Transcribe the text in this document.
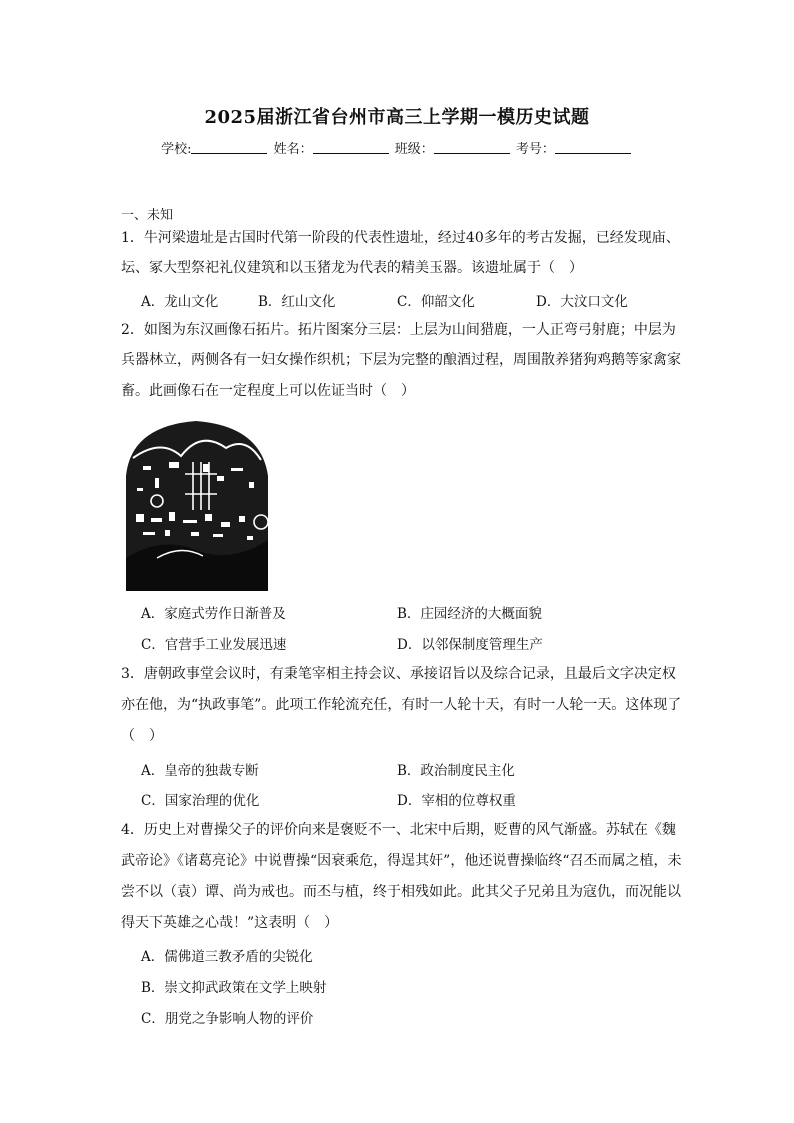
2025届浙江省台州市高三上学期一模历史试题
学校:	姓名：	班级：	考号：
一、未知
1．牛河梁遗址是古国时代第一阶段的代表性遗址，经过40多年的考古发掘，已经发现庙、
坛、冢大型祭祀礼仪建筑和以玉猪龙为代表的精美玉器。该遗址属于（　）
A．龙山文化	B．红山文化	C．仰韶文化	D．大汶口文化
2．如图为东汉画像石拓片。拓片图案分三层：上层为山间猎鹿，一人正弯弓射鹿；中层为
兵器林立，两侧各有一妇女操作织机；下层为完整的酿酒过程，周围散养猪狗鸡鹅等家禽家
畜。此画像石在一定程度上可以佐证当时（　）
A．家庭式劳作日渐普及	B．庄园经济的大概面貌
C．官营手工业发展迅速	D．以邻保制度管理生产
3．唐朝政事堂会议时，有秉笔宰相主持会议、承接诏旨以及综合记录，且最后文字决定权
亦在他，为“执政事笔”。此项工作轮流充任，有时一人轮十天，有时一人轮一天。这体现了
（　）
A．皇帝的独裁专断	B．政治制度民主化
C．国家治理的优化	D．宰相的位尊权重
4．历史上对曹操父子的评价向来是褒贬不一、北宋中后期，贬曹的风气渐盛。苏轼在《魏
武帝论》《诸葛亮论》中说曹操“因衰乘危，得逞其奸”，他还说曹操临终“召丕而属之植，未
尝不以（袁）谭、尚为戒也。而丕与植，终于相残如此。此其父子兄弟且为寇仇，而况能以
得天下英雄之心哉！”这表明（　）
A．儒佛道三教矛盾的尖锐化
B．崇文抑武政策在文学上映射
C．朋党之争影响人物的评价
